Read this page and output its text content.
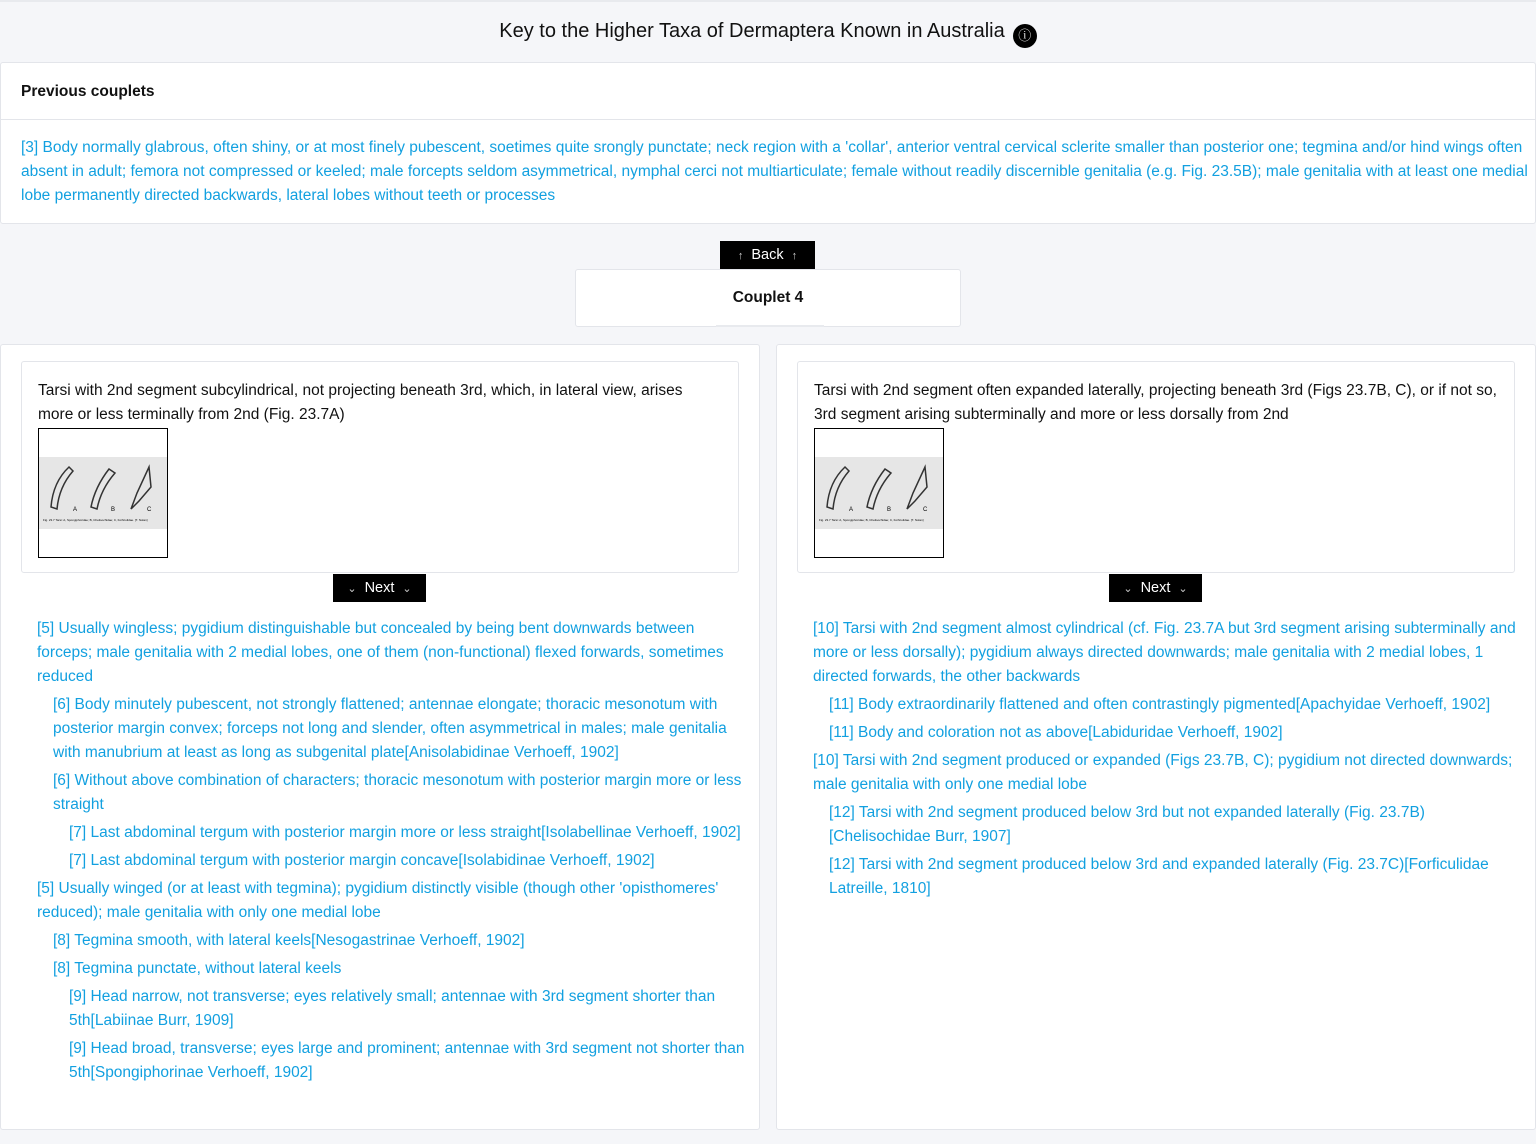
Key to the Higher Taxa of Dermaptera Known in Australia ⓘ
Previous couplets
[3] Body normally glabrous, often shiny, or at most finely pubescent, soetimes quite srongly punctate; neck region with a 'collar', anterior ventral cervical sclerite smaller than posterior one; tegmina and/or hind wings often absent in adult; femora not compressed or keeled; male forcepts seldom asymmetrical, nymphal cerci not multiarticulate; female without readily discernible genitalia (e.g. Fig. 23.5B); male genitalia with at least one medial lobe permanently directed backwards, lateral lobes without teeth or processes
↑ Back ↑
Couplet 4
Tarsi with 2nd segment subcylindrical, not projecting beneath 3rd, which, in lateral view, arises more or less terminally from 2nd (Fig. 23.7A)
A	B	C
Fig. 23.7 Tarsi: A, Spongiphoridae; B, Chelisochidae; C, Forficulidae. [T. Nolan]
⌄ Next ⌄
[5] Usually wingless; pygidium distinguishable but concealed by being bent downwards between forceps; male genitalia with 2 medial lobes, one of them (non-functional) flexed forwards, sometimes reduced
[6] Body minutely pubescent, not strongly flattened; antennae elongate; thoracic mesonotum with posterior margin convex; forceps not long and slender, often asymmetrical in males; male genitalia with manubrium at least as long as subgenital plate[Anisolabidinae Verhoeff, 1902]
[6] Without above combination of characters; thoracic mesonotum with posterior margin more or less straight
[7] Last abdominal tergum with posterior margin more or less straight[Isolabellinae Verhoeff, 1902]
[7] Last abdominal tergum with posterior margin concave[Isolabidinae Verhoeff, 1902]
[5] Usually winged (or at least with tegmina); pygidium distinctly visible (though other 'opisthomeres' reduced); male genitalia with only one medial lobe
[8] Tegmina smooth, with lateral keels[Nesogastrinae Verhoeff, 1902]
[8] Tegmina punctate, without lateral keels
[9] Head narrow, not transverse; eyes relatively small; antennae with 3rd segment shorter than 5th[Labiinae Burr, 1909]
[9] Head broad, transverse; eyes large and prominent; antennae with 3rd segment not shorter than 5th[Spongiphorinae Verhoeff, 1902]
Tarsi with 2nd segment often expanded laterally, projecting beneath 3rd (Figs 23.7B, C), or if not so, 3rd segment arising subterminally and more or less dorsally from 2nd
A	B	C
Fig. 23.7 Tarsi: A, Spongiphoridae; B, Chelisochidae; C, Forficulidae. [T. Nolan]
⌄ Next ⌄
[10] Tarsi with 2nd segment almost cylindrical (cf. Fig. 23.7A but 3rd segment arising subterminally and more or less dorsally); pygidium always directed downwards; male genitalia with 2 medial lobes, 1 directed forwards, the other backwards
[11] Body extraordinarily flattened and often contrastingly pigmented[Apachyidae Verhoeff, 1902]
[11] Body and coloration not as above[Labiduridae Verhoeff, 1902]
[10] Tarsi with 2nd segment produced or expanded (Figs 23.7B, C); pygidium not directed downwards; male genitalia with only one medial lobe
[12] Tarsi with 2nd segment produced below 3rd but not expanded laterally (Fig. 23.7B)[Chelisochidae Burr, 1907]
[12] Tarsi with 2nd segment produced below 3rd and expanded laterally (Fig. 23.7C)[Forficulidae Latreille, 1810]
